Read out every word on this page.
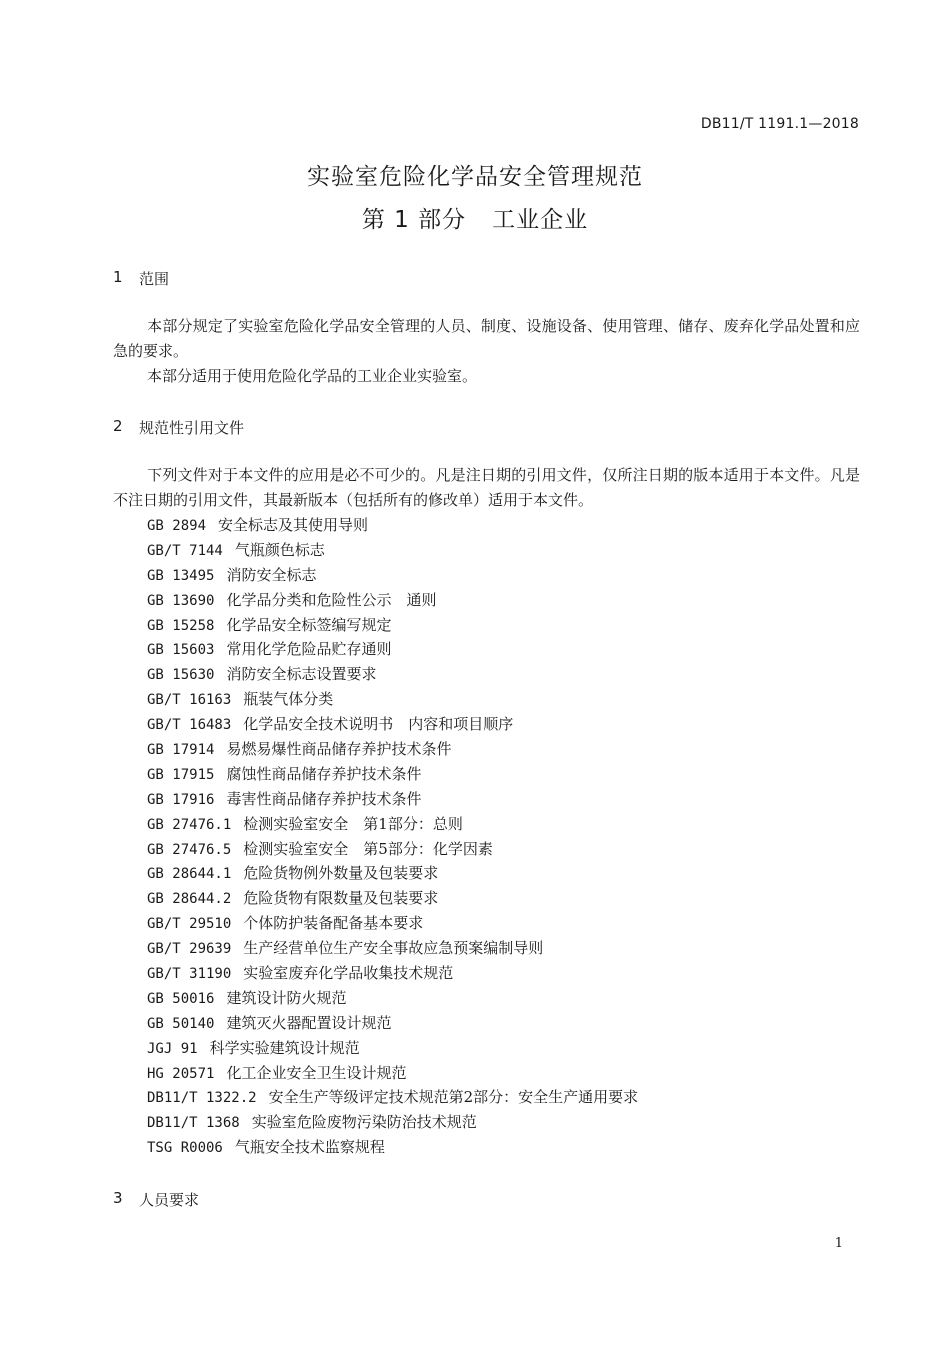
DB11/T 1191.1—2018
实验室危险化学品安全管理规范
第 1 部分 工业企业
1	范围
本部分规定了实验室危险化学品安全管理的人员、制度、设施设备、使用管理、储存、废弃化学品处置和应急的要求。
本部分适用于使用危险化学品的工业企业实验室。
2	规范性引用文件
下列文件对于本文件的应用是必不可少的。凡是注日期的引用文件，仅所注日期的版本适用于本文件。凡是不注日期的引用文件，其最新版本（包括所有的修改单）适用于本文件。
GB 2894 安全标志及其使用导则
GB/T 7144 气瓶颜色标志
GB 13495 消防安全标志
GB 13690 化学品分类和危险性公示　通则
GB 15258 化学品安全标签编写规定
GB 15603 常用化学危险品贮存通则
GB 15630 消防安全标志设置要求
GB/T 16163 瓶装气体分类
GB/T 16483 化学品安全技术说明书　内容和项目顺序
GB 17914 易燃易爆性商品储存养护技术条件
GB 17915 腐蚀性商品储存养护技术条件
GB 17916 毒害性商品储存养护技术条件
GB 27476.1 检测实验室安全　第1部分：总则
GB 27476.5 检测实验室安全　第5部分：化学因素
GB 28644.1 危险货物例外数量及包装要求
GB 28644.2 危险货物有限数量及包装要求
GB/T 29510 个体防护装备配备基本要求
GB/T 29639 生产经营单位生产安全事故应急预案编制导则
GB/T 31190 实验室废弃化学品收集技术规范
GB 50016 建筑设计防火规范
GB 50140 建筑灭火器配置设计规范
JGJ 91 科学实验建筑设计规范
HG 20571 化工企业安全卫生设计规范
DB11/T 1322.2 安全生产等级评定技术规范第2部分：安全生产通用要求
DB11/T 1368 实验室危险废物污染防治技术规范
TSG R0006 气瓶安全技术监察规程
3	人员要求
1
